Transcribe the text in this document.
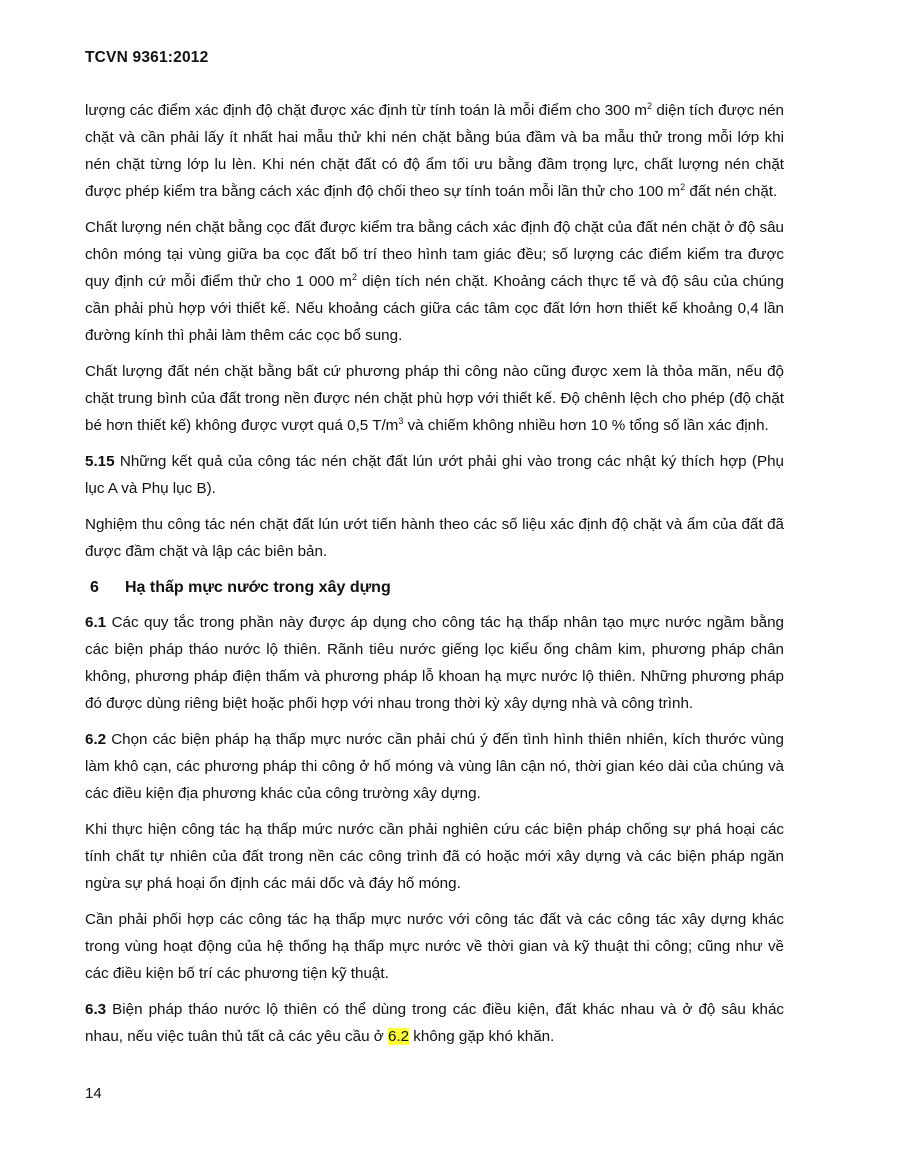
TCVN 9361:2012

lượng các điểm xác định độ chặt được xác định từ tính toán là mỗi điểm cho 300 $m^2$ diện tích được nén chặt và cần phải lấy ít nhất hai mẫu thử khi nén chặt bằng búa đầm và ba mẫu thử trong mỗi lớp khi nén chặt từng lớp lu lèn. Khi nén chặt đất có độ ẩm tối ưu bằng đầm trọng lực, chất lượng nén chặt được phép kiểm tra bằng cách xác định độ chối theo sự tính toán mỗi lần thử cho 100 $m^2$ đất nén chặt.

Chất lượng nén chặt bằng cọc đất được kiểm tra bằng cách xác định độ chặt của đất nén chặt ở độ sâu chôn móng tại vùng giữa ba cọc đất bố trí theo hình tam giác đều; số lượng các điểm kiểm tra được quy định cứ mỗi điểm thử cho 1 000 $m^2$ diện tích nén chặt. Khoảng cách thực tế và độ sâu của chúng cần phải phù hợp với thiết kế. Nếu khoảng cách giữa các tâm cọc đất lớn hơn thiết kế khoảng 0,4 lần đường kính thì phải làm thêm các cọc bổ sung.

Chất lượng đất nén chặt bằng bất cứ phương pháp thi công nào cũng được xem là thỏa mãn, nếu độ chặt trung bình của đất trong nền được nén chặt phù hợp với thiết kế. Độ chênh lệch cho phép (độ chặt bé hơn thiết kế) không được vượt quá 0,5 $T/m^3$ và chiếm không nhiều hơn 10 % tổng số lần xác định.

5.15 Những kết quả của công tác nén chặt đất lún ướt phải ghi vào trong các nhật ký thích hợp (Phụ lục A và Phụ lục B).

Nghiệm thu công tác nén chặt đất lún ướt tiến hành theo các số liệu xác định độ chặt và ẩm của đất đã được đầm chặt và lập các biên bản.

6	Hạ thấp mực nước trong xây dựng

6.1 Các quy tắc trong phần này được áp dụng cho công tác hạ thấp nhân tạo mực nước ngầm bằng các biện pháp tháo nước lộ thiên. Rãnh tiêu nước giếng lọc kiểu ống châm kim, phương pháp chân không, phương pháp điện thấm và phương pháp lỗ khoan hạ mực nước lộ thiên. Những phương pháp đó được dùng riêng biệt hoặc phối hợp với nhau trong thời kỳ xây dựng nhà và công trình.

6.2 Chọn các biện pháp hạ thấp mực nước cần phải chú ý đến tình hình thiên nhiên, kích thước vùng làm khô cạn, các phương pháp thi công ở hố móng và vùng lân cận nó, thời gian kéo dài của chúng và các điều kiện địa phương khác của công trường xây dựng.

Khi thực hiện công tác hạ thấp mức nước cần phải nghiên cứu các biện pháp chống sự phá hoại các tính chất tự nhiên của đất trong nền các công trình đã có hoặc mới xây dựng và các biện pháp ngăn ngừa sự phá hoại ổn định các mái dốc và đáy hố móng.

Cần phải phối hợp các công tác hạ thấp mực nước với công tác đất và các công tác xây dựng khác trong vùng hoạt động của hệ thống hạ thấp mực nước về thời gian và kỹ thuật thi công; cũng như về các điều kiện bố trí các phương tiện kỹ thuật.

6.3 Biện pháp tháo nước lộ thiên có thể dùng trong các điều kiện, đất khác nhau và ở độ sâu khác nhau, nếu việc tuân thủ tất cả các yêu cầu ở 6.2 không gặp khó khăn.

14
